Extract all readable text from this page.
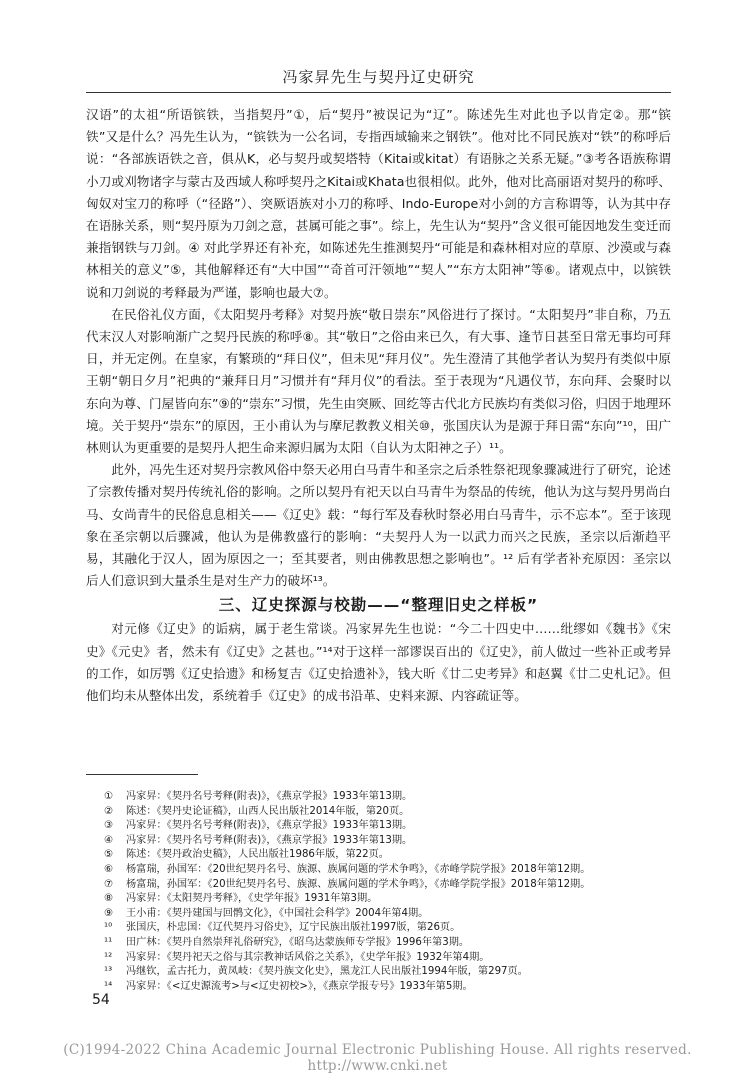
冯家昇先生与契丹辽史研究

汉语”的太祖“所语镔铁，当指契丹”①，后“契丹”被误记为“辽”。陈述先生对此也予以肯定②。那“镔铁”又是什么？冯先生认为，“镔铁为一公名词，专指西域输来之钢铁”。他对比不同民族对“铁”的称呼后说：“各部族语铁之音，俱从K，必与契丹或契塔特（Kitai或kitat）有语脉之关系无疑。”③考各语族称谓小刀或刈物诸字与蒙古及西域人称呼契丹之Kitai或Khata也很相似。此外，他对比高丽语对契丹的称呼、匈奴对宝刀的称呼（“径路”）、突厥语族对小刀的称呼、Indo-Europe对小剑的方言称谓等，认为其中存在语脉关系，则“契丹原为刀剑之意，甚属可能之事”。综上，先生认为“契丹”含义很可能因地发生变迁而兼指钢铁与刀剑。④ 对此学界还有补充，如陈述先生推测契丹“可能是和森林相对应的草原、沙漠或与森林相关的意义”⑤，其他解释还有“大中国”“奇首可汗领地”“契人”“东方太阳神”等⑥。诸观点中，以镔铁说和刀剑说的考释最为严谨，影响也最大⑦。

在民俗礼仪方面，《太阳契丹考释》对契丹族“敬日崇东”风俗进行了探讨。“太阳契丹”非自称，乃五代末汉人对影响渐广之契丹民族的称呼⑧。其“敬日”之俗由来已久，有大事、逢节日甚至日常无事均可拜日，并无定例。在皇家，有繁琐的“拜日仪”，但未见“拜月仪”。先生澄清了其他学者认为契丹有类似中原王朝“朝日夕月”祀典的“兼拜日月”习惯并有“拜月仪”的看法。至于表现为“凡遇仪节，东向拜、会聚时以东向为尊、门屋皆向东”⑨的“崇东”习惯，先生由突厥、回纥等古代北方民族均有类似习俗，归因于地理环境。关于契丹“崇东”的原因，王小甫认为与摩尼教教义相关⑩，张国庆认为是源于拜日需“东向”¹⁰，田广林则认为更重要的是契丹人把生命来源归属为太阳（自认为太阳神之子）¹¹。

此外，冯先生还对契丹宗教风俗中祭天必用白马青牛和圣宗之后杀牲祭祀现象骤减进行了研究，论述了宗教传播对契丹传统礼俗的影响。之所以契丹有祀天以白马青牛为祭品的传统，他认为这与契丹男尚白马、女尚青牛的民俗息息相关——《辽史》载：“每行军及春秋时祭必用白马青牛，示不忘本”。至于该现象在圣宗朝以后骤减，他认为是佛教盛行的影响：“夫契丹人为一以武力而兴之民族，圣宗以后渐趋平易，其融化于汉人，固为原因之一；至其要者，则由佛教思想之影响也”。¹² 后有学者补充原因：圣宗以后人们意识到大量杀生是对生产力的破坏¹³。

三、辽史探源与校勘——“整理旧史之样板”

对元修《辽史》的诟病，属于老生常谈。冯家昇先生也说：“今二十四史中……纰缪如《魏书》《宋史》《元史》者，然未有《辽史》之甚也。”¹⁴对于这样一部谬误百出的《辽史》，前人做过一些补正或考异的工作，如厉鹗《辽史拾遗》和杨复吉《辽史拾遗补》，钱大昕《廿二史考异》和赵翼《廿二史札记》。但他们均未从整体出发，系统着手《辽史》的成书沿革、史料来源、内容疏证等。

① 冯家昇：《契丹名号考释(附表)》，《燕京学报》1933年第13期。
② 陈述：《契丹史论证稿》，山西人民出版社2014年版，第20页。
③ 冯家昇：《契丹名号考释(附表)》，《燕京学报》1933年第13期。
④ 冯家昇：《契丹名号考释(附表)》，《燕京学报》1933年第13期。
⑤ 陈述：《契丹政治史稿》，人民出版社1986年版，第22页。
⑥ 杨富瑞，孙国军：《20世纪契丹名号、族源、族属问题的学术争鸣》，《赤峰学院学报》2018年第12期。
⑦ 杨富瑞，孙国军：《20世纪契丹名号、族源、族属问题的学术争鸣》，《赤峰学院学报》2018年第12期。
⑧ 冯家昇：《太阳契丹考释》，《史学年报》1931年第3期。
⑨ 王小甫：《契丹建国与回鹘文化》，《中国社会科学》2004年第4期。
¹⁰ 张国庆，朴忠国：《辽代契丹习俗史》，辽宁民族出版社1997版，第26页。
¹¹ 田广林：《契丹自然崇拜礼俗研究》，《昭乌达蒙族师专学报》1996年第3期。
¹² 冯家昇：《契丹祀天之俗与其宗教神话风俗之关系》，《史学年报》1932年第4期。
¹³ 冯继钦，孟古托力，黄凤岐：《契丹族文化史》，黑龙江人民出版社1994年版，第297页。
¹⁴ 冯家昇：《<辽史源流考>与<辽史初校>》，《燕京学报专号》1933年第5期。
54
(C)1994-2022 China Academic Journal Electronic Publishing House. All rights reserved. http://www.cnki.net
